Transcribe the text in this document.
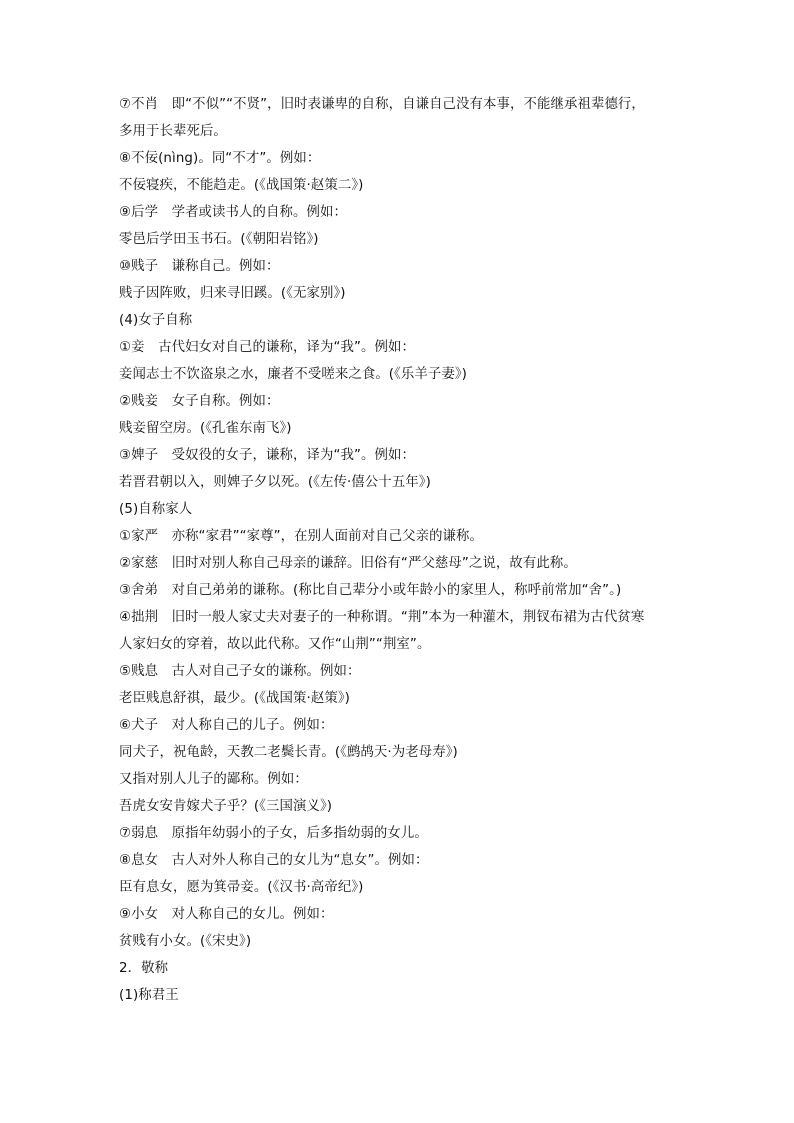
⑦不肖　即“不似”“不贤”，旧时表谦卑的自称，自谦自己没有本事，不能继承祖辈德行，
多用于长辈死后。
⑧不佞(nìng)。同“不才”。例如：
不佞寝疾，不能趋走。(《战国策·赵策二》)
⑨后学　学者或读书人的自称。例如：
零邑后学田玉书石。(《朝阳岩铭》)
⑩贱子　谦称自己。例如：
贱子因阵败，归来寻旧蹊。(《无家别》)
(4)女子自称
①妾　古代妇女对自己的谦称，译为“我”。例如：
妾闻志士不饮盗泉之水，廉者不受嗟来之食。(《乐羊子妻》)
②贱妾　女子自称。例如：
贱妾留空房。(《孔雀东南飞》)
③婢子　受奴役的女子，谦称，译为“我”。例如：
若晋君朝以入，则婢子夕以死。(《左传·僖公十五年》)
(5)自称家人
①家严　亦称“家君”“家尊”，在别人面前对自己父亲的谦称。
②家慈　旧时对别人称自己母亲的谦辞。旧俗有“严父慈母”之说，故有此称。
③舍弟　对自己弟弟的谦称。(称比自己辈分小或年龄小的家里人，称呼前常加“舍”。)
④拙荆　旧时一般人家丈夫对妻子的一种称谓。“荆”本为一种灌木，荆钗布裙为古代贫寒
人家妇女的穿着，故以此代称。又作“山荆”“荆室”。
⑤贱息　古人对自己子女的谦称。例如：
老臣贱息舒祺，最少。(《战国策·赵策》)
⑥犬子　对人称自己的儿子。例如：
同犬子，祝龟龄，天教二老鬓长青。(《鹧鸪天·为老母寿》)
又指对别人儿子的鄙称。例如：
吾虎女安肯嫁犬子乎？(《三国演义》)
⑦弱息　原指年幼弱小的子女，后多指幼弱的女儿。
⑧息女　古人对外人称自己的女儿为“息女”。例如：
臣有息女，愿为箕帚妾。(《汉书·高帝纪》)
⑨小女　对人称自己的女儿。例如：
贫贱有小女。(《宋史》)
2．敬称
(1)称君王
